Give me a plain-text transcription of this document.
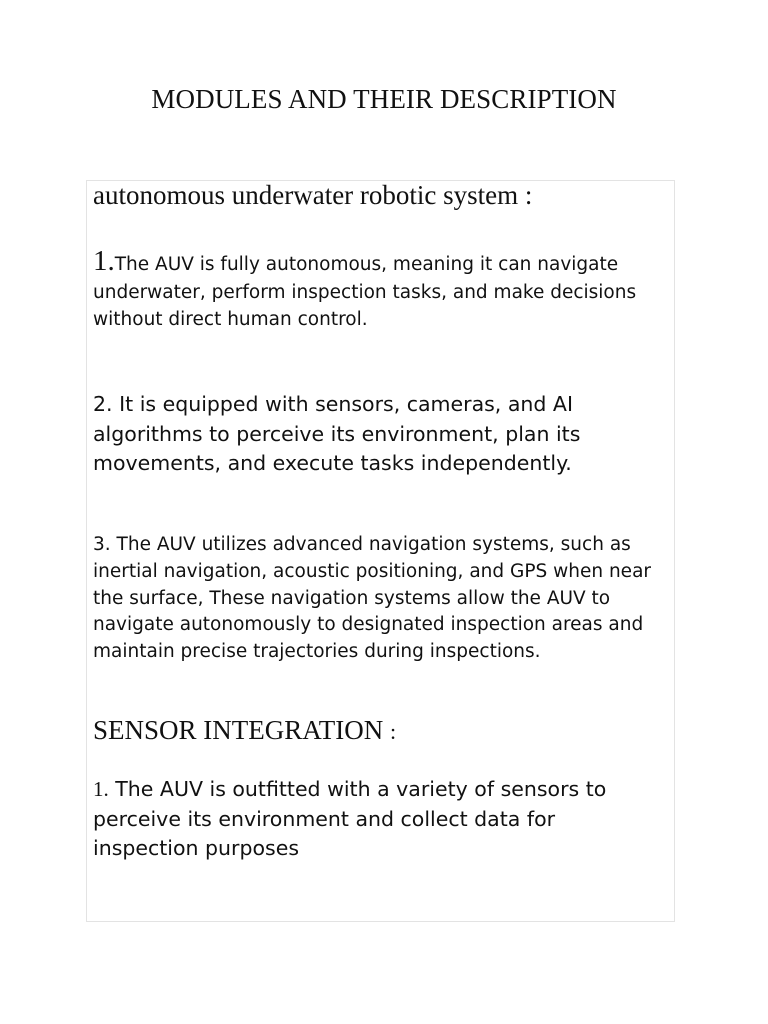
MODULES AND THEIR DESCRIPTION
autonomous underwater robotic system :

1.The AUV is fully autonomous, meaning it can navigate underwater, perform inspection tasks, and make decisions without direct human control.

2. It is equipped with sensors, cameras, and AI algorithms to perceive its environment, plan its movements, and execute tasks independently.

3. The AUV utilizes advanced navigation systems, such as inertial navigation, acoustic positioning, and GPS when near the surface, These navigation systems allow the AUV to navigate autonomously to designated inspection areas and maintain precise trajectories during inspections.

SENSOR INTEGRATION :

1. The AUV is outfitted with a variety of sensors to perceive its environment and collect data for inspection purposes
